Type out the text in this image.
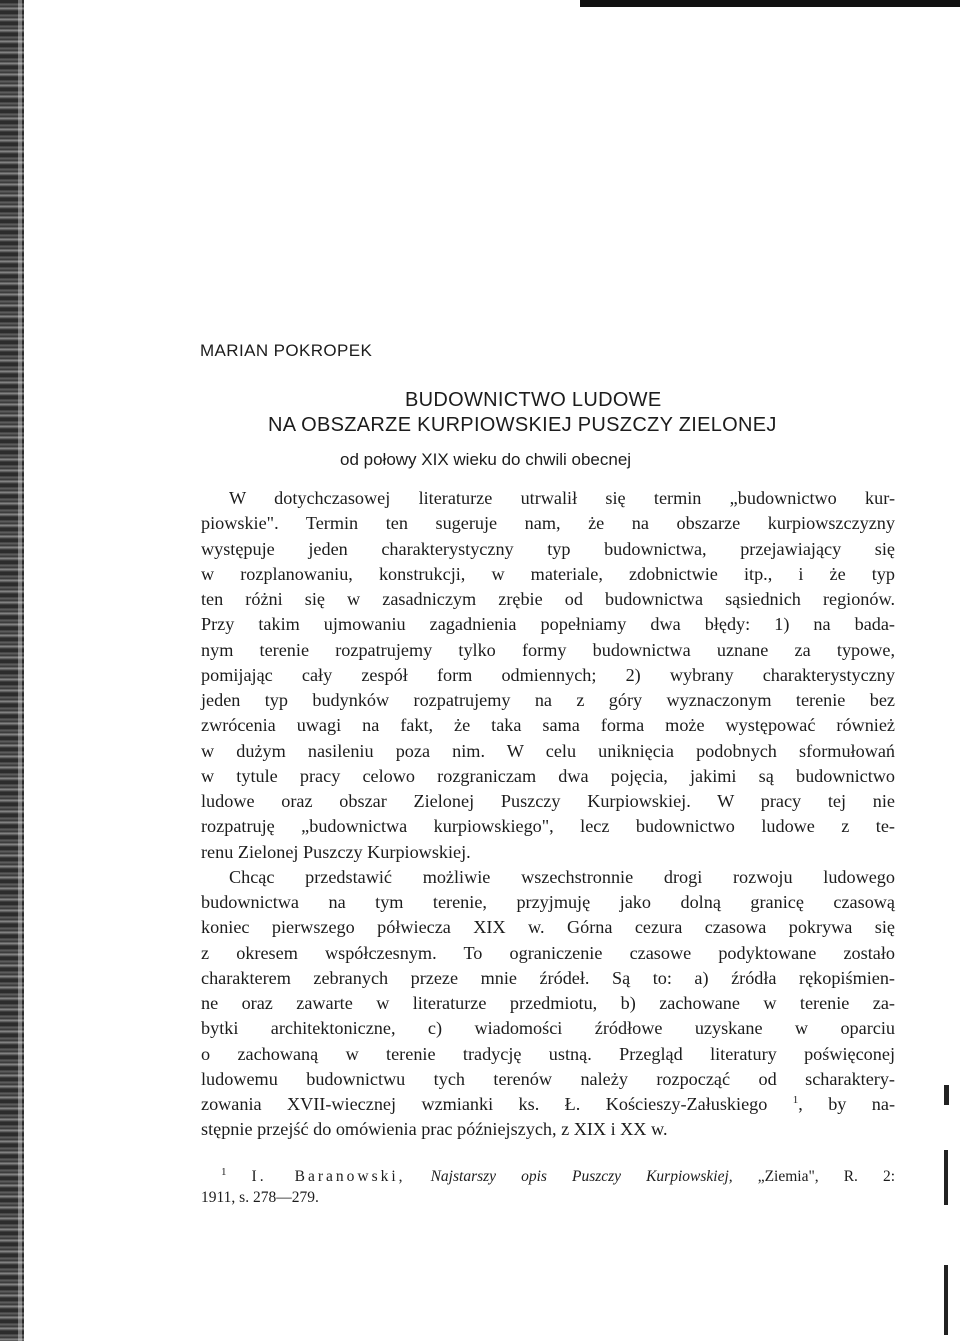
MARIAN POKROPEK
BUDOWNICTWO LUDOWE
NA OBSZARZE KURPIOWSKIEJ PUSZCZY ZIELONEJ
od połowy XIX wieku do chwili obecnej
W dotychczasowej literaturze utrwalił się termin „budownictwo kur-
piowskie". Termin ten sugeruje nam, że na obszarze kurpiowszczyzny
występuje jeden charakterystyczny typ budownictwa, przejawiający się
w rozplanowaniu, konstrukcji, w materiale, zdobnictwie itp., i że typ
ten różni się w zasadniczym zrębie od budownictwa sąsiednich regionów.
Przy takim ujmowaniu zagadnienia popełniamy dwa błędy: 1) na bada-
nym terenie rozpatrujemy tylko formy budownictwa uznane za typowe,
pomijając cały zespół form odmiennych; 2) wybrany charakterystyczny
jeden typ budynków rozpatrujemy na z góry wyznaczonym terenie bez
zwrócenia uwagi na fakt, że taka sama forma może występować również
w dużym nasileniu poza nim. W celu uniknięcia podobnych sformułowań
w tytule pracy celowo rozgraniczam dwa pojęcia, jakimi są budownictwo
ludowe oraz obszar Zielonej Puszczy Kurpiowskiej. W pracy tej nie
rozpatruję „budownictwa kurpiowskiego", lecz budownictwo ludowe z te-
renu Zielonej Puszczy Kurpiowskiej.
Chcąc przedstawić możliwie wszechstronnie drogi rozwoju ludowego
budownictwa na tym terenie, przyjmuję jako dolną granicę czasową
koniec pierwszego półwiecza XIX w. Górna cezura czasowa pokrywa się
z okresem współczesnym. To ograniczenie czasowe podyktowane zostało
charakterem zebranych przeze mnie źródeł. Są to: a) źródła rękopiśmien-
ne oraz zawarte w literaturze przedmiotu, b) zachowane w terenie za-
bytki architektoniczne, c) wiadomości źródłowe uzyskane w oparciu
o zachowaną w terenie tradycję ustną. Przegląd literatury poświęconej
ludowemu budownictwu tych terenów należy rozpocząć od scharaktery-
zowania XVII-wiecznej wzmianki ks. Ł. Kościeszy-Załuskiego $^1$, by na-
stępnie przejść do omówienia prac późniejszych, z XIX i XX w.
$^1$ I. Baranowski, Najstarszy opis Puszczy Kurpiowskiej, „Ziemia", R. 2:
1911, s. 278—279.
